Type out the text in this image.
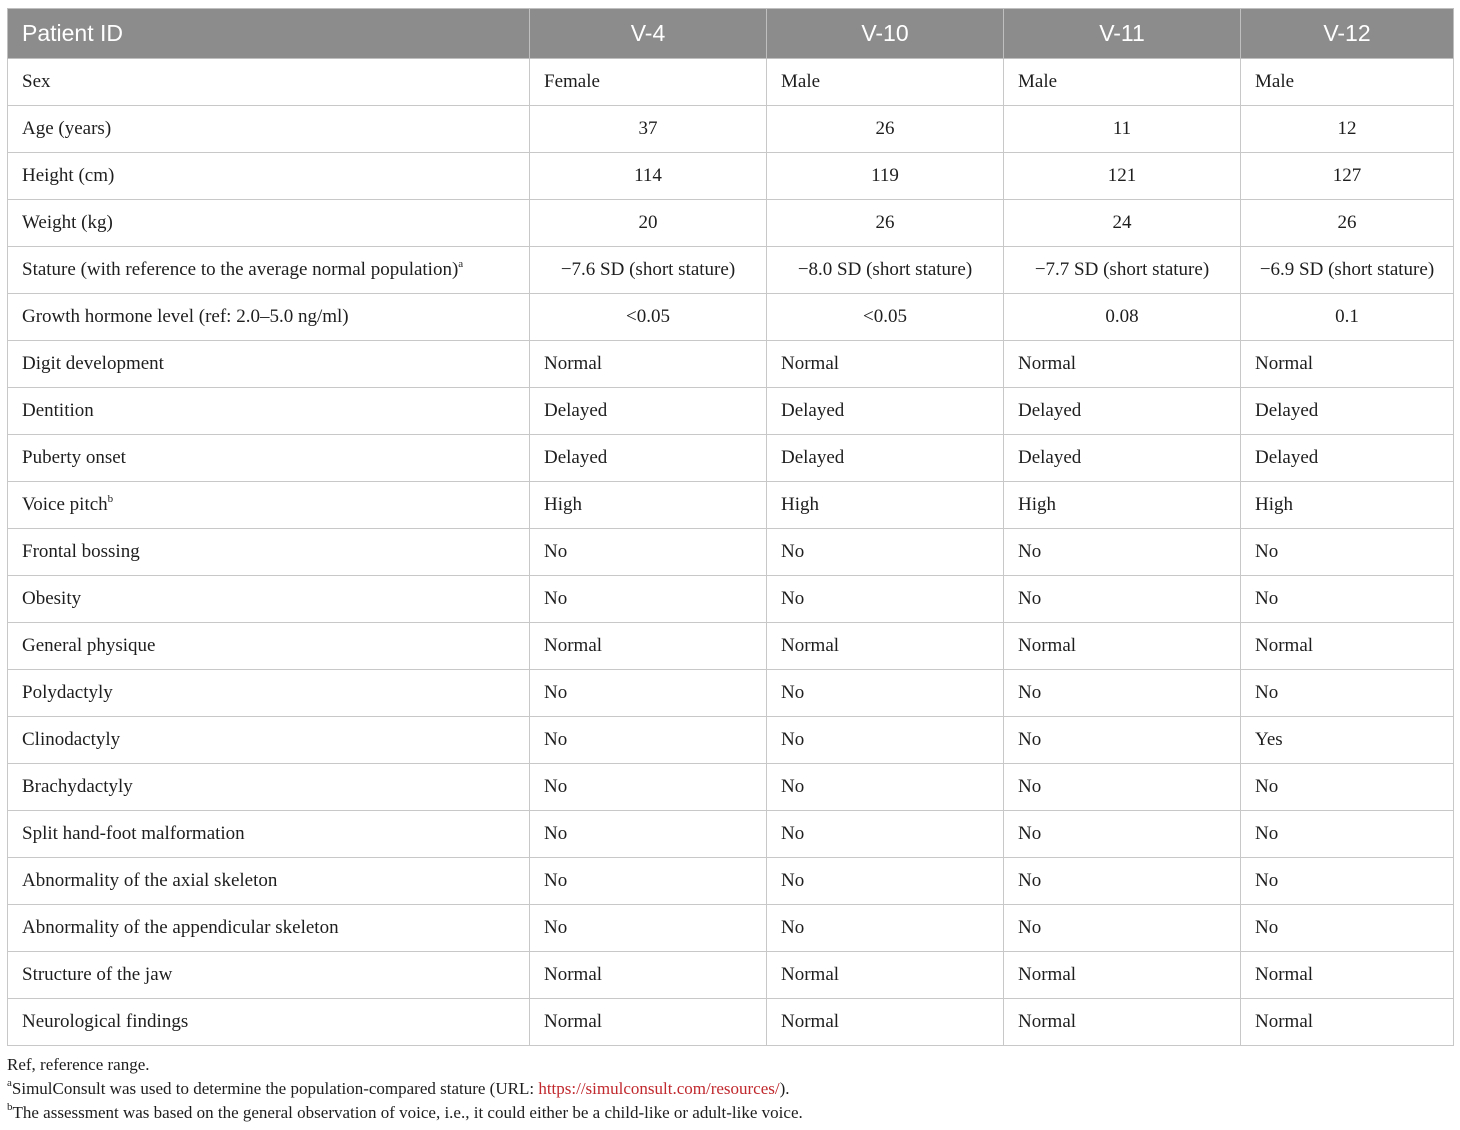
Patient ID	V-4	V-10	V-11	V-12
Sex	Female	Male	Male	Male
Age (years)	37	26	11	12
Height (cm)	114	119	121	127
Weight (kg)	20	26	24	26
Stature (with reference to the average normal population)$^a$	−7.6 SD (short stature)	−8.0 SD (short stature)	−7.7 SD (short stature)	−6.9 SD (short stature)
Growth hormone level (ref: 2.0–5.0 ng/ml)	<0.05	<0.05	0.08	0.1
Digit development	Normal	Normal	Normal	Normal
Dentition	Delayed	Delayed	Delayed	Delayed
Puberty onset	Delayed	Delayed	Delayed	Delayed
Voice pitch$^b$	High	High	High	High
Frontal bossing	No	No	No	No
Obesity	No	No	No	No
General physique	Normal	Normal	Normal	Normal
Polydactyly	No	No	No	No
Clinodactyly	No	No	No	Yes
Brachydactyly	No	No	No	No
Split hand-foot malformation	No	No	No	No
Abnormality of the axial skeleton	No	No	No	No
Abnormality of the appendicular skeleton	No	No	No	No
Structure of the jaw	Normal	Normal	Normal	Normal
Neurological findings	Normal	Normal	Normal	Normal

Ref, reference range.

$^a$SimulConsult was used to determine the population-compared stature (URL: https://simulconsult.com/resources/).

$^b$The assessment was based on the general observation of voice, i.e., it could either be a child-like or adult-like voice.
